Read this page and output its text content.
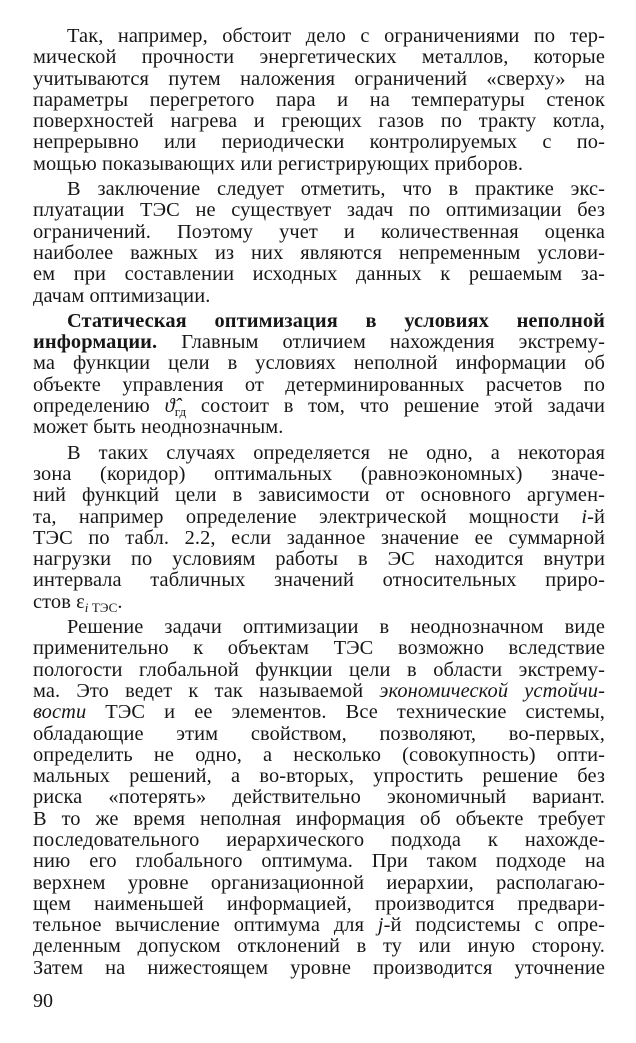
Так, например, обстоит дело с ограничениями по тер-
мической прочности энергетических металлов, которые
учитываются путем наложения ограничений «сверху» на
параметры перегретого пара и на температуры стенок
поверхностей нагрева и греющих газов по тракту котла,
непрерывно или периодически контролируемых с по-
мощью показывающих или регистрирующих приборов.
В заключение следует отметить, что в практике экс-
плуатации ТЭС не существует задач по оптимизации без
ограничений. Поэтому учет и количественная оценка
наиболее важных из них являются непременным услови-
ем при составлении исходных данных к решаемым за-
дачам оптимизации.
Статическая оптимизация в условиях неполной
информации. Главным отличием нахождения экстрему-
ма функции цели в условиях неполной информации об
объекте управления от детерминированных расчетов по
определению $ϑ̂_{гд}$ состоит в том, что решение этой задачи
может быть неоднозначным.
В таких случаях определяется не одно, а некоторая
зона (коридор) оптимальных (равноэкономных) значе-
ний функций цели в зависимости от основного аргумен-
та, например определение электрической мощности i-й
ТЭС по табл. 2.2, если заданное значение ее суммарной
нагрузки по условиям работы в ЭС находится внутри
интервала табличных значений относительных приро-
стов $\varepsilon_{i ТЭС}$.
Решение задачи оптимизации в неоднозначном виде
применительно к объектам ТЭС возможно вследствие
пологости глобальной функции цели в области экстрему-
ма. Это ведет к так называемой экономической устойчи-
вости ТЭС и ее элементов. Все технические системы,
обладающие этим свойством, позволяют, во-первых,
определить не одно, а несколько (совокупность) опти-
мальных решений, а во-вторых, упростить решение без
риска «потерять» действительно экономичный вариант.
В то же время неполная информация об объекте требует
последовательного иерархического подхода к нахожде-
нию его глобального оптимума. При таком подходе на
верхнем уровне организационной иерархии, располагаю-
щем наименьшей информацией, производится предвари-
тельное вычисление оптимума для j-й подсистемы с опре-
деленным допуском отклонений в ту или иную сторону.
Затем на нижестоящем уровне производится уточнение
90
